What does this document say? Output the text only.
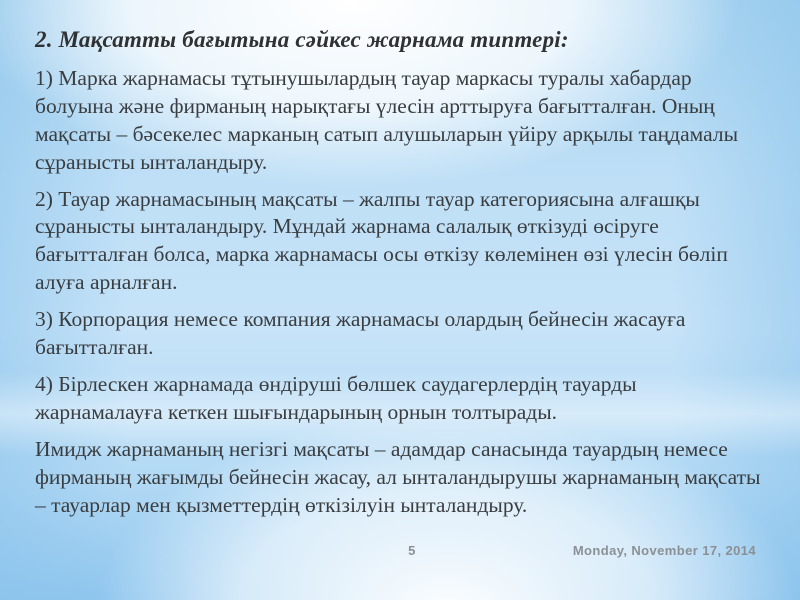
2. Мақсатты бағытына сәйкес жарнама типтері:

1) Марка жарнамасы тұтынушылардың тауар маркасы туралы хабардар болуына және фирманың нарықтағы үлесін арттыруға бағытталған. Оның мақсаты – бәсекелес марканың сатып алушыларын үйіру арқылы таңдамалы сұранысты ынталандыру.

2) Тауар жарнамасының мақсаты – жалпы тауар категориясына алғашқы сұранысты ынталандыру. Мұндай жарнама салалық өткізуді өсіруге бағытталған болса, марка жарнамасы осы өткізу көлемінен өзі үлесін бөліп алуға арналған.

3) Корпорация немесе компания жарнамасы олардың бейнесін жасауға бағытталған.

4) Бірлескен жарнамада өндіруші бөлшек саудагерлердің тауарды жарнамалауға кеткен шығындарының орнын толтырады.

Имидж жарнаманың негізгі мақсаты – адамдар санасында тауардың немесе фирманың жағымды бейнесін жасау, ал ынталандырушы жарнаманың мақсаты – тауарлар мен қызметтердің өткізілуін ынталандыру.

5	Monday, November 17, 2014
